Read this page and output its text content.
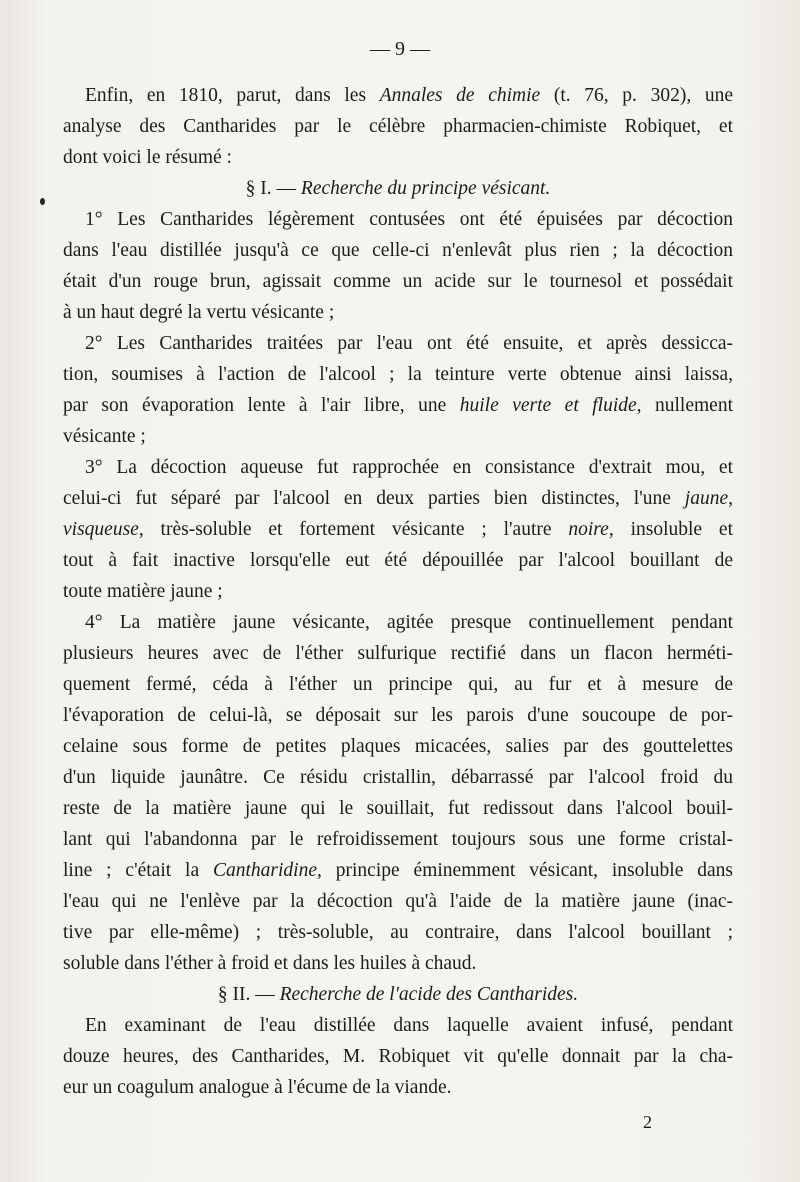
— 9 —
Enfin, en 1810, parut, dans les Annales de chimie (t. 76, p. 302), une
analyse des Cantharides par le célèbre pharmacien-chimiste Robiquet, et
dont voici le résumé :
§ I. — Recherche du principe vésicant.
1° Les Cantharides légèrement contusées ont été épuisées par décoction
dans l'eau distillée jusqu'à ce que celle-ci n'enlevât plus rien ; la décoction
était d'un rouge brun, agissait comme un acide sur le tournesol et possédait
à un haut degré la vertu vésicante ;
2° Les Cantharides traitées par l'eau ont été ensuite, et après dessicca-
tion, soumises à l'action de l'alcool ; la teinture verte obtenue ainsi laissa,
par son évaporation lente à l'air libre, une huile verte et fluide, nullement
vésicante ;
3° La décoction aqueuse fut rapprochée en consistance d'extrait mou, et
celui-ci fut séparé par l'alcool en deux parties bien distinctes, l'une jaune,
visqueuse, très-soluble et fortement vésicante ; l'autre noire, insoluble et
tout à fait inactive lorsqu'elle eut été dépouillée par l'alcool bouillant de
toute matière jaune ;
4° La matière jaune vésicante, agitée presque continuellement pendant
plusieurs heures avec de l'éther sulfurique rectifié dans un flacon herméti-
quement fermé, céda à l'éther un principe qui, au fur et à mesure de
l'évaporation de celui-là, se déposait sur les parois d'une soucoupe de por-
celaine sous forme de petites plaques micacées, salies par des gouttelettes
d'un liquide jaunâtre. Ce résidu cristallin, débarrassé par l'alcool froid du
reste de la matière jaune qui le souillait, fut redissout dans l'alcool bouil-
lant qui l'abandonna par le refroidissement toujours sous une forme cristal-
line ; c'était la Cantharidine, principe éminemment vésicant, insoluble dans
l'eau qui ne l'enlève par la décoction qu'à l'aide de la matière jaune (inac-
tive par elle-même) ; très-soluble, au contraire, dans l'alcool bouillant ;
soluble dans l'éther à froid et dans les huiles à chaud.
§ II. — Recherche de l'acide des Cantharides.
En examinant de l'eau distillée dans laquelle avaient infusé, pendant
douze heures, des Cantharides, M. Robiquet vit qu'elle donnait par la cha-
eur un coagulum analogue à l'écume de la viande.
2
